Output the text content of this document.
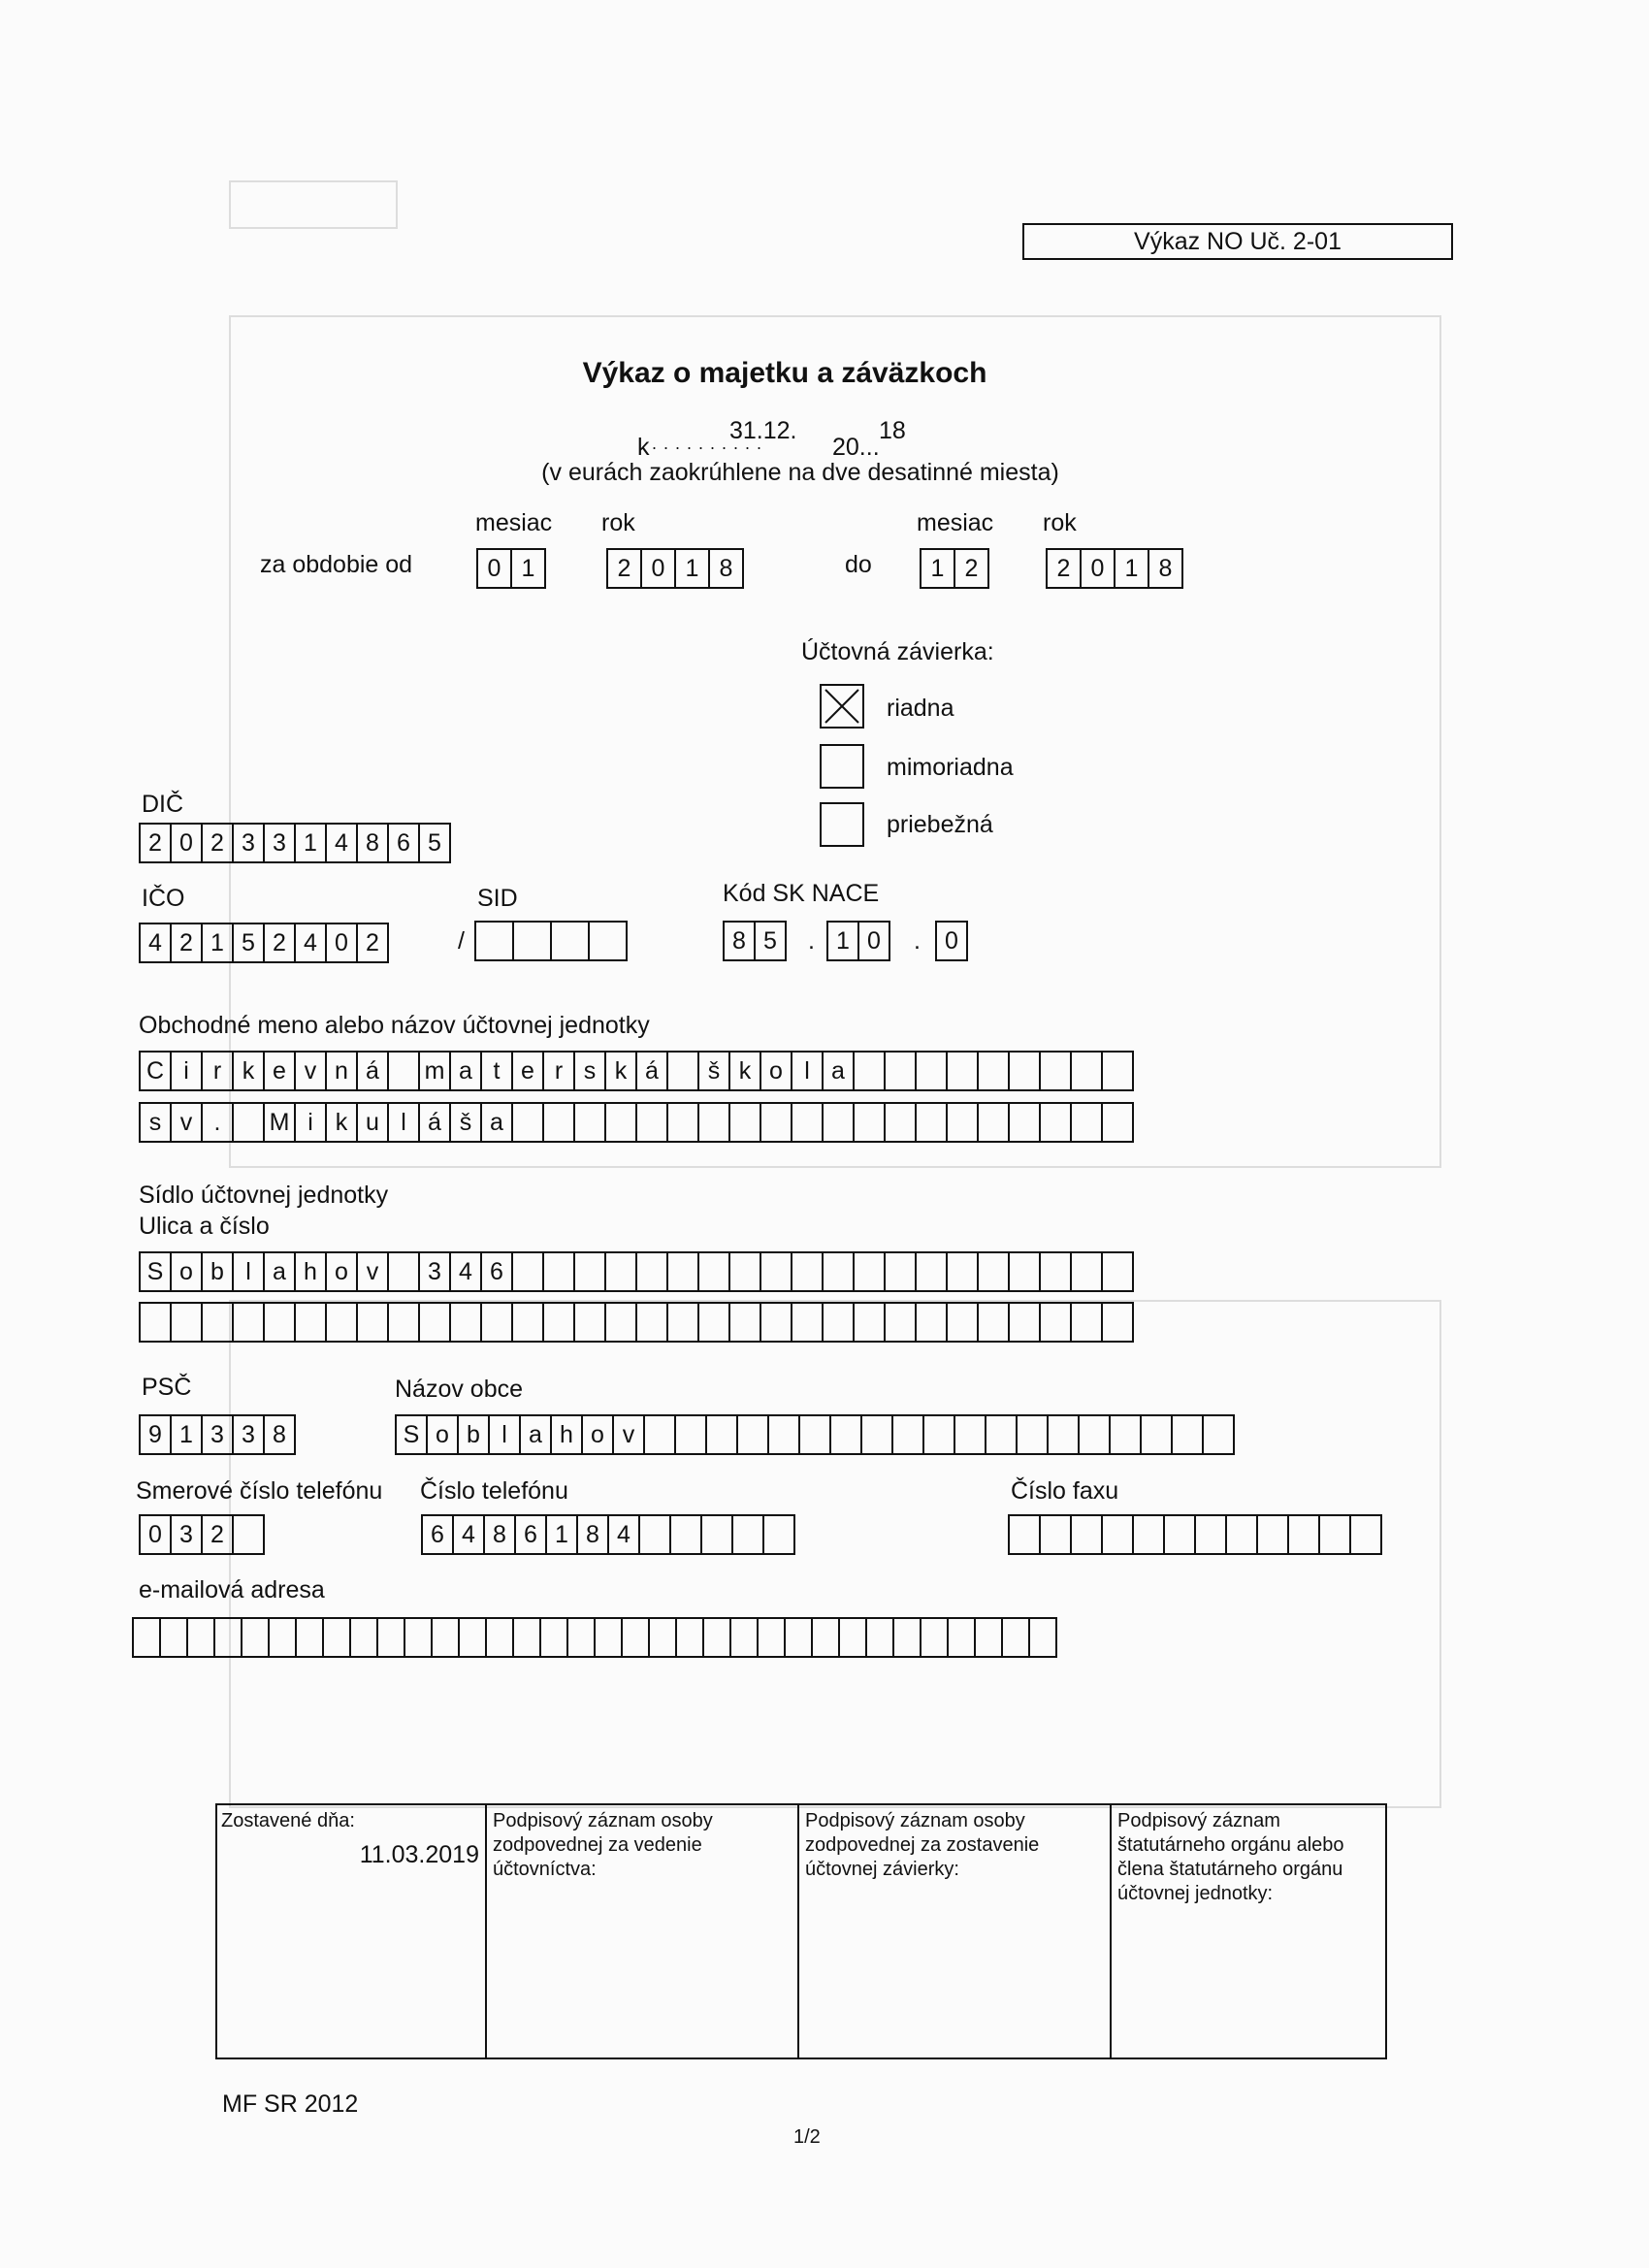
Výkaz NO Uč. 2-01
Výkaz o majetku a záväzkoch
k . . . . . . . . . .
31.12.
20...
18
(v eurách zaokrúhlene na dve desatinné miesta)
mesiac rok	mesiac rok
za obdobie od	do
0 1	2 0 1 8	1 2	2 0 1 8
Účtovná závierka:
riadna
mimoriadna
priebežná
DIČ
2 0 2 3 3 1 4 8 6 5
IČO
4 2 1 5 2 4 0 2	/
SID	Kód SK NACE
8 5	. 1 0	.	0
Obchodné meno alebo názov účtovnej jednotky
C i	r k e v n á	m a t e r s k á	š k o l a
s v .	M i k u l á š a
Sídlo účtovnej jednotky
Ulica a číslo
S o b l a h o v	3 4 6
PSČ
9 1 3 3 8
Názov obce
S o b l a h o v
Smerové číslo telefónu
0 3 2
Číslo telefónu
6 4 8 6 1 8 4
Číslo faxu
e-mailová adresa
Zostavené dňa:
11.03.2019
Podpisový záznam osoby zodpovednej za vedenie účtovníctva:
Podpisový záznam osoby zodpovednej za zostavenie účtovnej závierky:
Podpisový záznam štatutárneho orgánu alebo člena štatutárneho orgánu účtovnej jednotky:
MF SR 2012
1/2
